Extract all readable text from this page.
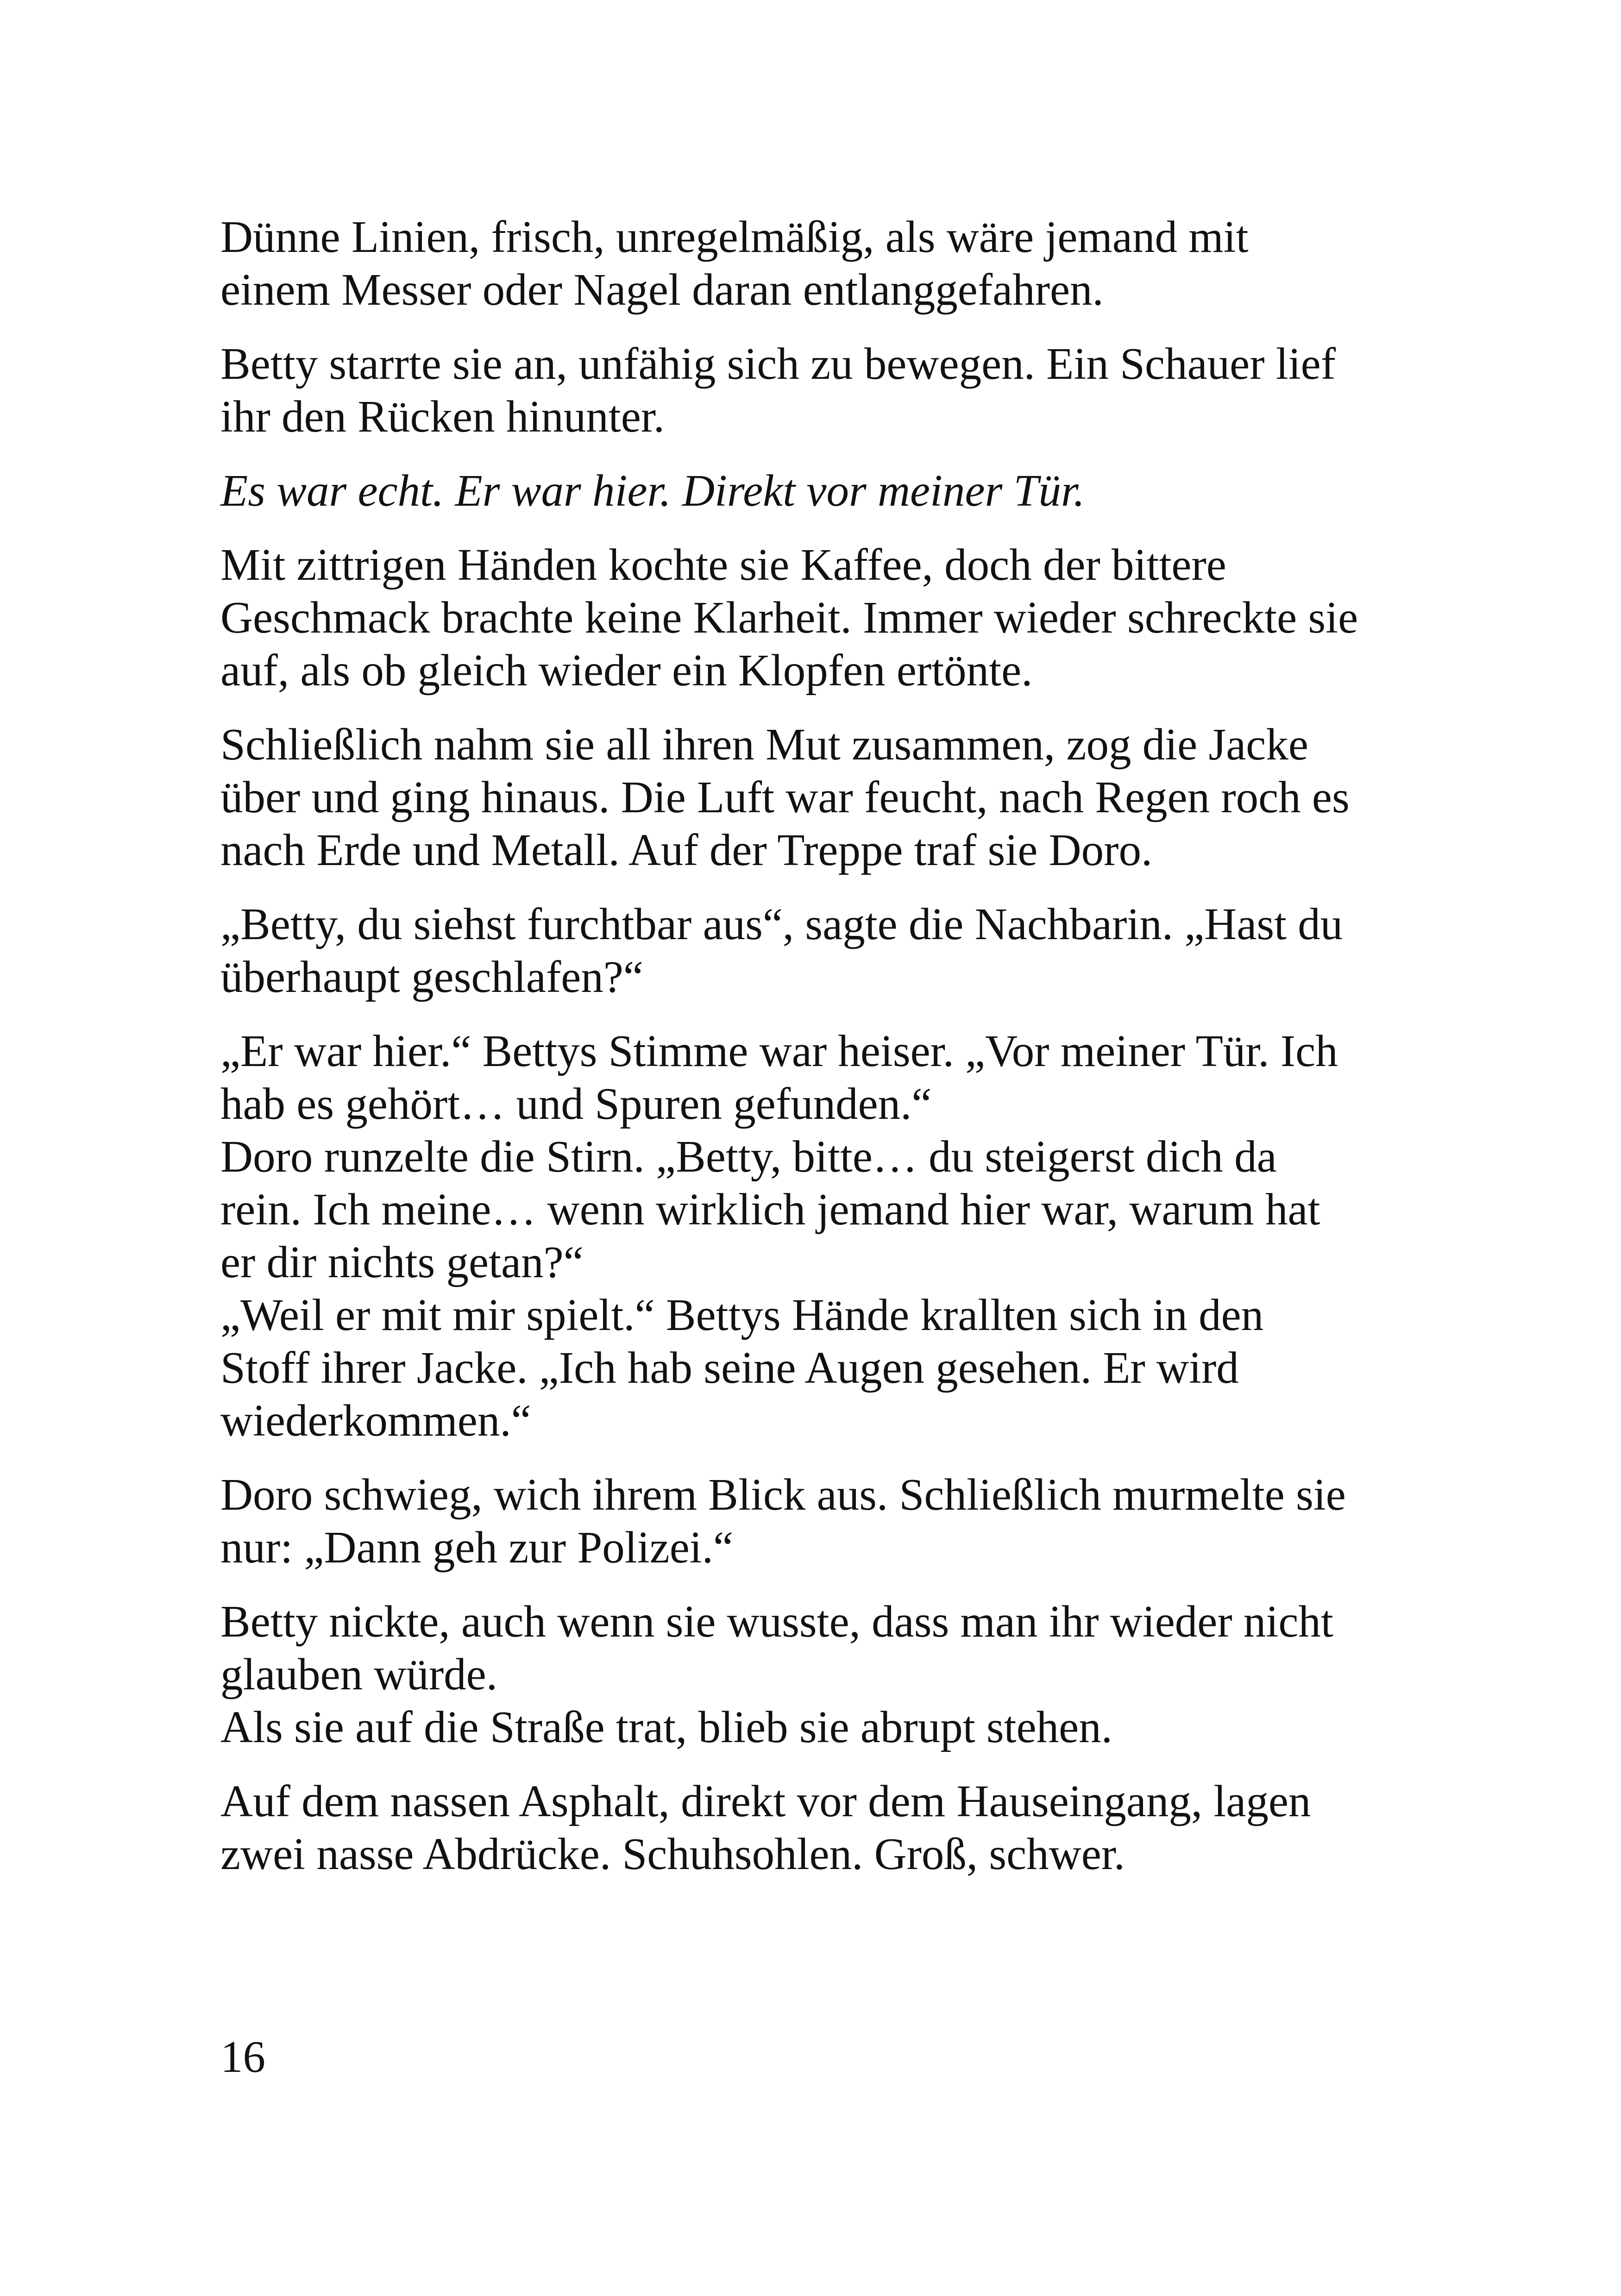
Dünne Linien, frisch, unregelmäßig, als wäre jemand mit
einem Messer oder Nagel daran entlanggefahren.

Betty starrte sie an, unfähig sich zu bewegen. Ein Schauer lief
ihr den Rücken hinunter.

Es war echt. Er war hier. Direkt vor meiner Tür.

Mit zittrigen Händen kochte sie Kaffee, doch der bittere
Geschmack brachte keine Klarheit. Immer wieder schreckte sie
auf, als ob gleich wieder ein Klopfen ertönte.

Schließlich nahm sie all ihren Mut zusammen, zog die Jacke
über und ging hinaus. Die Luft war feucht, nach Regen roch es
nach Erde und Metall. Auf der Treppe traf sie Doro.

„Betty, du siehst furchtbar aus“, sagte die Nachbarin. „Hast du
überhaupt geschlafen?“

„Er war hier.“ Bettys Stimme war heiser. „Vor meiner Tür. Ich
hab es gehört… und Spuren gefunden.“

Doro runzelte die Stirn. „Betty, bitte… du steigerst dich da
rein. Ich meine… wenn wirklich jemand hier war, warum hat
er dir nichts getan?“

„Weil er mit mir spielt.“ Bettys Hände krallten sich in den
Stoff ihrer Jacke. „Ich hab seine Augen gesehen. Er wird
wiederkommen.“

Doro schwieg, wich ihrem Blick aus. Schließlich murmelte sie
nur: „Dann geh zur Polizei.“

Betty nickte, auch wenn sie wusste, dass man ihr wieder nicht
glauben würde.

Als sie auf die Straße trat, blieb sie abrupt stehen.

Auf dem nassen Asphalt, direkt vor dem Hauseingang, lagen
zwei nasse Abdrücke. Schuhsohlen. Groß, schwer.

16
